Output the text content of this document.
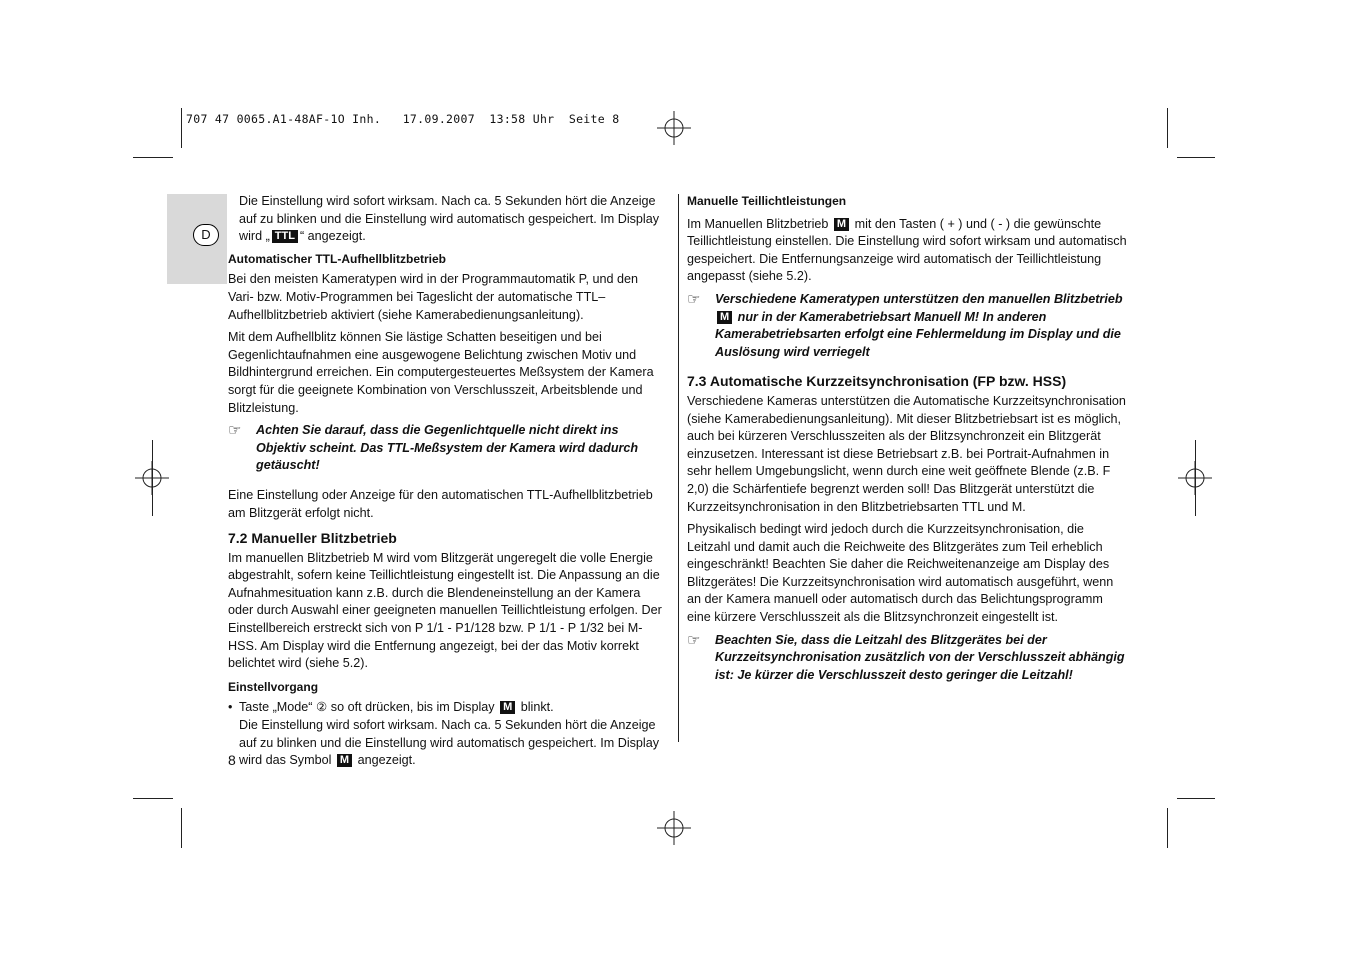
707 47 0065.A1-48AF-1O Inh.   17.09.2007  13:58 Uhr  Seite 8
D

Die Einstellung wird sofort wirksam. Nach ca. 5 Sekunden hört die Anzeige auf zu blinken und die Einstellung wird automatisch gespeichert. Im Display wird „ TTL “ angezeigt.

Automatischer TTL-Aufhellblitzbetrieb

Bei den meisten Kameratypen wird in der Programmautomatik P, und den Vari- bzw. Motiv-Programmen bei Tageslicht der automatische TTL–Aufhellblitzbetrieb aktiviert (siehe Kamerabedienungsanleitung).

Mit dem Aufhellblitz können Sie lästige Schatten beseitigen und bei Gegenlichtaufnahmen eine ausgewogene Belichtung zwischen Motiv und Bildhintergrund erreichen. Ein computergesteuertes Meßsystem der Kamera sorgt für die geeignete Kombination von Verschlusszeit, Arbeitsblende und Blitzleistung.

☞	Achten Sie darauf, dass die Gegenlichtquelle nicht direkt ins Objektiv scheint. Das TTL-Meßsystem der Kamera wird dadurch getäuscht!

Eine Einstellung oder Anzeige für den automatischen TTL-Aufhellblitzbetrieb am Blitzgerät erfolgt nicht.

7.2 Manueller Blitzbetrieb

Im manuellen Blitzbetrieb M wird vom Blitzgerät ungeregelt die volle Energie abgestrahlt, sofern keine Teillichtleistung eingestellt ist. Die Anpassung an die Aufnahmesituation kann z.B. durch die Blendeneinstellung an der Kamera oder durch Auswahl einer geeigneten manuellen Teillichtleistung erfolgen. Der Einstellbereich erstreckt sich von P 1/1 - P1/128 bzw. P 1/1 - P 1/32 bei M-HSS. Am Display wird die Entfernung angezeigt, bei der das Motiv korrekt belichtet wird (siehe 5.2).

Einstellvorgang
• Taste „Mode“ ② so oft drücken, bis im Display M blinkt.
Die Einstellung wird sofort wirksam. Nach ca. 5 Sekunden hört die Anzeige auf zu blinken und die Einstellung wird automatisch gespeichert. Im Display wird das Symbol M angezeigt.
8
Manuelle Teillichtleistungen

Im Manuellen Blitzbetrieb M mit den Tasten ( + ) und ( - ) die gewünschte Teillichtleistung einstellen. Die Einstellung wird sofort wirksam und automatisch gespeichert. Die Entfernungsanzeige wird automatisch der Teillichtleistung angepasst (siehe 5.2).

☞	Verschiedene Kameratypen unterstützen den manuellen Blitzbetrieb M nur in der Kamerabetriebsart Manuell M! In anderen Kamerabetriebsarten erfolgt eine Fehlermeldung im Display und die Auslösung wird verriegelt
7.3 Automatische Kurzzeitsynchronisation (FP bzw. HSS)

Verschiedene Kameras unterstützen die Automatische Kurzzeitsynchronisation (siehe Kamerabedienungsanleitung). Mit dieser Blitzbetriebsart ist es möglich, auch bei kürzeren Verschlusszeiten als der Blitzsynchronzeit ein Blitzgerät einzusetzen. Interessant ist diese Betriebsart z.B. bei Portrait-Aufnahmen in sehr hellem Umgebungslicht, wenn durch eine weit geöffnete Blende (z.B. F 2,0) die Schärfentiefe begrenzt werden soll! Das Blitzgerät unterstützt die Kurzzeitsynchronisation in den Blitzbetriebsarten TTL und M.

Physikalisch bedingt wird jedoch durch die Kurzzeitsynchronisation, die Leitzahl und damit auch die Reichweite des Blitzgerätes zum Teil erheblich eingeschränkt! Beachten Sie daher die Reichweitenanzeige am Display des Blitzgerätes! Die Kurzzeitsynchronisation wird automatisch ausgeführt, wenn an der Kamera manuell oder automatisch durch das Belichtungsprogramm eine kürzere Verschlusszeit als die Blitzsynchronzeit eingestellt ist.

☞	Beachten Sie, dass die Leitzahl des Blitzgerätes bei der Kurzzeitsynchronisation zusätzlich von der Verschlusszeit abhängig ist: Je kürzer die Verschlusszeit desto geringer die Leitzahl!
